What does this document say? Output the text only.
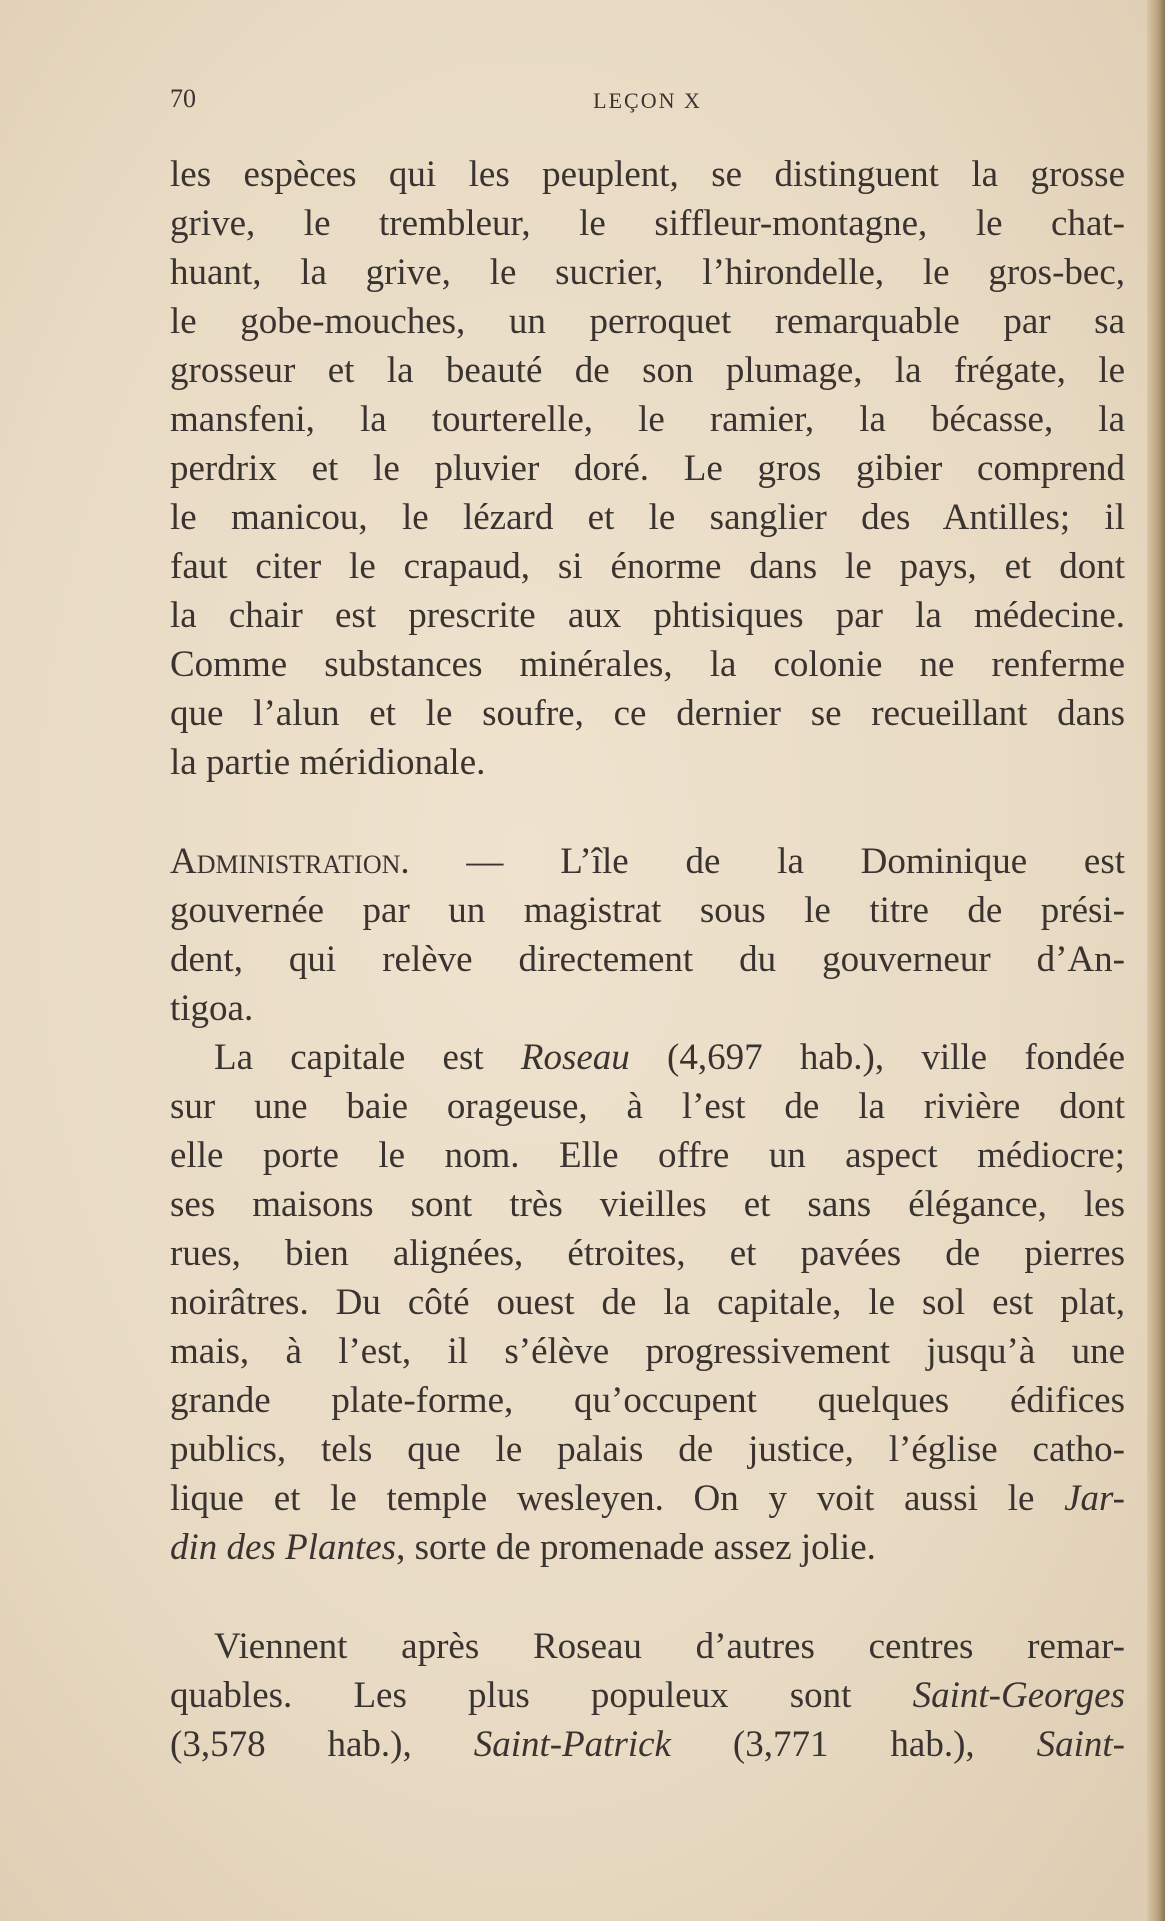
70	LEÇON X
les espèces qui les peuplent, se distinguent la grosse
grive, le trembleur, le siffleur-montagne, le chat-
huant, la grive, le sucrier, l’hirondelle, le gros-bec,
le gobe-mouches, un perroquet remarquable par sa
grosseur et la beauté de son plumage, la frégate, le
mansfeni, la tourterelle, le ramier, la bécasse, la
perdrix et le pluvier doré. Le gros gibier comprend
le manicou, le lézard et le sanglier des Antilles; il
faut citer le crapaud, si énorme dans le pays, et dont
la chair est prescrite aux phtisiques par la médecine.
Comme substances minérales, la colonie ne renferme
que l’alun et le soufre, ce dernier se recueillant dans
la partie méridionale.
Administration. — L’île de la Dominique est
gouvernée par un magistrat sous le titre de prési-
dent, qui relève directement du gouverneur d’An-
tigoa.
La capitale est Roseau (4,697 hab.), ville fondée
sur une baie orageuse, à l’est de la rivière dont
elle porte le nom. Elle offre un aspect médiocre;
ses maisons sont très vieilles et sans élégance, les
rues, bien alignées, étroites, et pavées de pierres
noirâtres. Du côté ouest de la capitale, le sol est plat,
mais, à l’est, il s’élève progressivement jusqu’à une
grande plate-forme, qu’occupent quelques édifices
publics, tels que le palais de justice, l’église catho-
lique et le temple wesleyen. On y voit aussi le Jar-
din des Plantes, sorte de promenade assez jolie.
Viennent après Roseau d’autres centres remar-
quables. Les plus populeux sont Saint-Georges
(3,578 hab.), Saint-Patrick (3,771 hab.), Saint-
